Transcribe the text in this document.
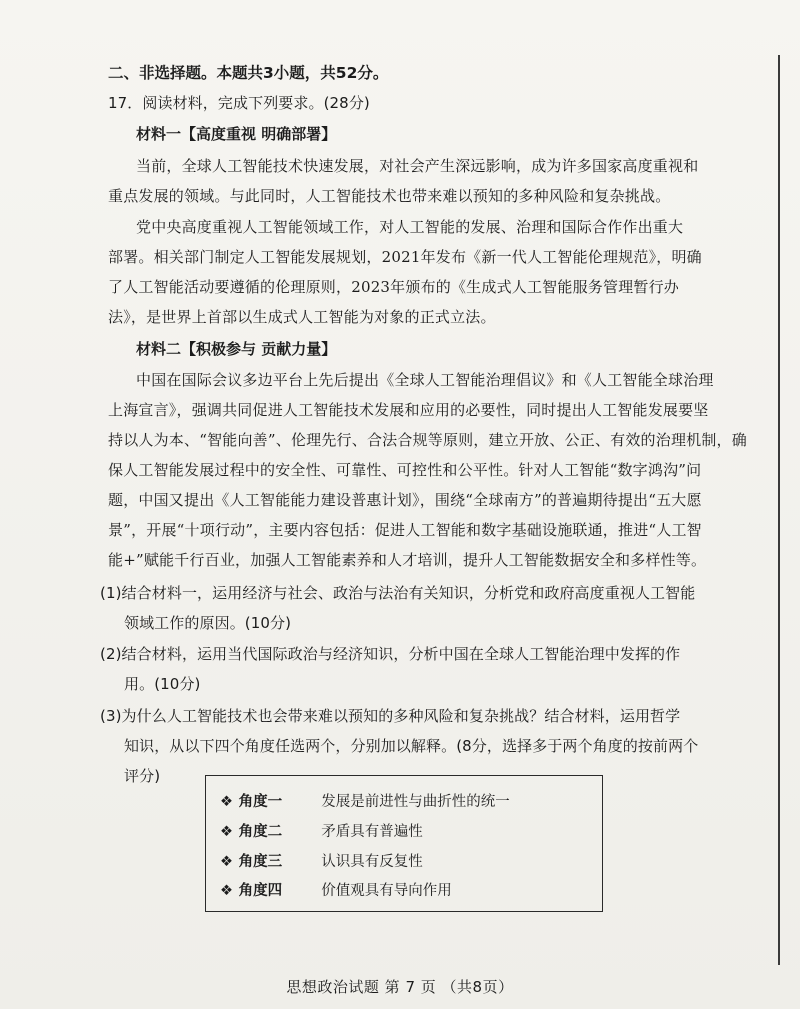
二、非选择题。本题共3小题，共52分。
17．阅读材料，完成下列要求。(28分)
材料一【高度重视 明确部署】
当前，全球人工智能技术快速发展，对社会产生深远影响，成为许多国家高度重视和
重点发展的领域。与此同时，人工智能技术也带来难以预知的多种风险和复杂挑战。
党中央高度重视人工智能领域工作，对人工智能的发展、治理和国际合作作出重大
部署。相关部门制定人工智能发展规划，2021年发布《新一代人工智能伦理规范》，明确
了人工智能活动要遵循的伦理原则，2023年颁布的《生成式人工智能服务管理暂行办
法》，是世界上首部以生成式人工智能为对象的正式立法。
材料二【积极参与 贡献力量】
中国在国际会议多边平台上先后提出《全球人工智能治理倡议》和《人工智能全球治理
上海宣言》，强调共同促进人工智能技术发展和应用的必要性，同时提出人工智能发展要坚
持以人为本、“智能向善”、伦理先行、合法合规等原则，建立开放、公正、有效的治理机制，确
保人工智能发展过程中的安全性、可靠性、可控性和公平性。针对人工智能“数字鸿沟”问
题，中国又提出《人工智能能力建设普惠计划》，围绕“全球南方”的普遍期待提出“五大愿
景”，开展“十项行动”，主要内容包括：促进人工智能和数字基础设施联通，推进“人工智
能+”赋能千行百业，加强人工智能素养和人才培训，提升人工智能数据安全和多样性等。
(1)结合材料一，运用经济与社会、政治与法治有关知识，分析党和政府高度重视人工智能
领域工作的原因。(10分)
(2)结合材料，运用当代国际政治与经济知识，分析中国在全球人工智能治理中发挥的作
用。(10分)
(3)为什么人工智能技术也会带来难以预知的多种风险和复杂挑战？结合材料，运用哲学
知识，从以下四个角度任选两个，分别加以解释。(8分，选择多于两个角度的按前两个
评分)
❖ 角度一	发展是前进性与曲折性的统一
❖ 角度二	矛盾具有普遍性
❖ 角度三	认识具有反复性
❖ 角度四	价值观具有导向作用
思想政治试题 第 7 页 （共8页）
